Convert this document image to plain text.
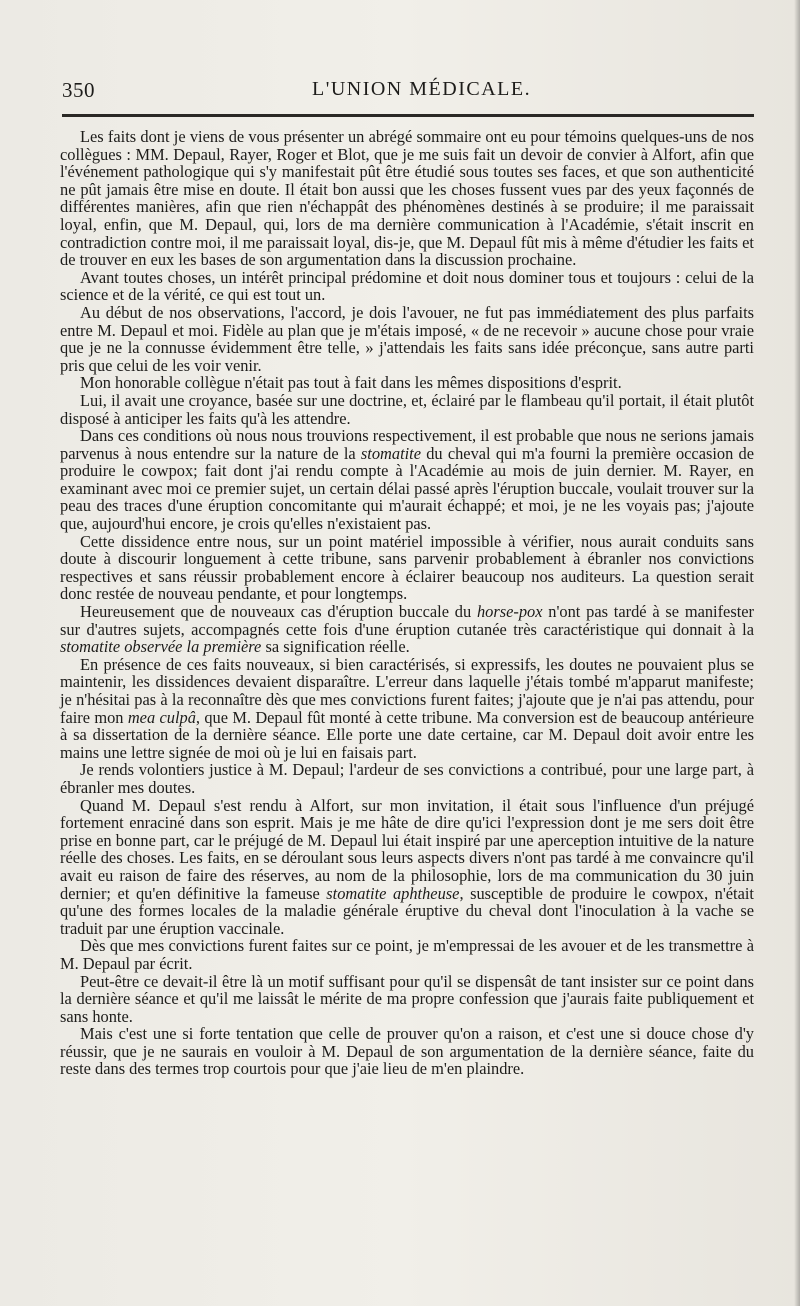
350	L'UNION MÉDICALE.

Les faits dont je viens de vous présenter un abrégé sommaire ont eu pour témoins quelques-uns de nos collègues : MM. Depaul, Rayer, Roger et Blot, que je me suis fait un devoir de convier à Alfort, afin que l'événement pathologique qui s'y manifestait pût être étudié sous toutes ses faces, et que son authenticité ne pût jamais être mise en doute. Il était bon aussi que les choses fussent vues par des yeux façonnés de différentes manières, afin que rien n'échappât des phénomènes destinés à se produire; il me paraissait loyal, enfin, que M. Depaul, qui, lors de ma dernière communication à l'Académie, s'était inscrit en contradiction contre moi, il me paraissait loyal, dis-je, que M. Depaul fût mis à même d'étudier les faits et de trouver en eux les bases de son argumentation dans la discussion prochaine.

Avant toutes choses, un intérêt principal prédomine et doit nous dominer tous et toujours : celui de la science et de la vérité, ce qui est tout un.

Au début de nos observations, l'accord, je dois l'avouer, ne fut pas immédiatement des plus parfaits entre M. Depaul et moi. Fidèle au plan que je m'étais imposé, « de ne recevoir » aucune chose pour vraie que je ne la connusse évidemment être telle, » j'attendais les faits sans idée préconçue, sans autre parti pris que celui de les voir venir.

Mon honorable collègue n'était pas tout à fait dans les mêmes dispositions d'esprit.

Lui, il avait une croyance, basée sur une doctrine, et, éclairé par le flambeau qu'il portait, il était plutôt disposé à anticiper les faits qu'à les attendre.

Dans ces conditions où nous nous trouvions respectivement, il est probable que nous ne serions jamais parvenus à nous entendre sur la nature de la stomatite du cheval qui m'a fourni la première occasion de produire le cowpox; fait dont j'ai rendu compte à l'Académie au mois de juin dernier. M. Rayer, en examinant avec moi ce premier sujet, un certain délai passé après l'éruption buccale, voulait trouver sur la peau des traces d'une éruption concomitante qui m'aurait échappé; et moi, je ne les voyais pas; j'ajoute que, aujourd'hui encore, je crois qu'elles n'existaient pas.

Cette dissidence entre nous, sur un point matériel impossible à vérifier, nous aurait conduits sans doute à discourir longuement à cette tribune, sans parvenir probablement à ébranler nos convictions respectives et sans réussir probablement encore à éclairer beaucoup nos auditeurs. La question serait donc restée de nouveau pendante, et pour longtemps.

Heureusement que de nouveaux cas d'éruption buccale du horse-pox n'ont pas tardé à se manifester sur d'autres sujets, accompagnés cette fois d'une éruption cutanée très caractéristique qui donnait à la stomatite observée la première sa signification réelle.

En présence de ces faits nouveaux, si bien caractérisés, si expressifs, les doutes ne pouvaient plus se maintenir, les dissidences devaient disparaître. L'erreur dans laquelle j'étais tombé m'apparut manifeste; je n'hésitai pas à la reconnaître dès que mes convictions furent faites; j'ajoute que je n'ai pas attendu, pour faire mon mea culpâ, que M. Depaul fût monté à cette tribune. Ma conversion est de beaucoup antérieure à sa dissertation de la dernière séance. Elle porte une date certaine, car M. Depaul doit avoir entre les mains une lettre signée de moi où je lui en faisais part.

Je rends volontiers justice à M. Depaul; l'ardeur de ses convictions a contribué, pour une large part, à ébranler mes doutes.

Quand M. Depaul s'est rendu à Alfort, sur mon invitation, il était sous l'influence d'un préjugé fortement enraciné dans son esprit. Mais je me hâte de dire qu'ici l'expression dont je me sers doit être prise en bonne part, car le préjugé de M. Depaul lui était inspiré par une aperception intuitive de la nature réelle des choses. Les faits, en se déroulant sous leurs aspects divers n'ont pas tardé à me convaincre qu'il avait eu raison de faire des réserves, au nom de la philosophie, lors de ma communication du 30 juin dernier; et qu'en définitive la fameuse stomatite aphtheuse, susceptible de produire le cowpox, n'était qu'une des formes locales de la maladie générale éruptive du cheval dont l'inoculation à la vache se traduit par une éruption vaccinale.

Dès que mes convictions furent faites sur ce point, je m'empressai de les avouer et de les transmettre à M. Depaul par écrit.

Peut-être ce devait-il être là un motif suffisant pour qu'il se dispensât de tant insister sur ce point dans la dernière séance et qu'il me laissât le mérite de ma propre confession que j'aurais faite publiquement et sans honte.

Mais c'est une si forte tentation que celle de prouver qu'on a raison, et c'est une si douce chose d'y réussir, que je ne saurais en vouloir à M. Depaul de son argumentation de la dernière séance, faite du reste dans des termes trop courtois pour que j'aie lieu de m'en plaindre.
